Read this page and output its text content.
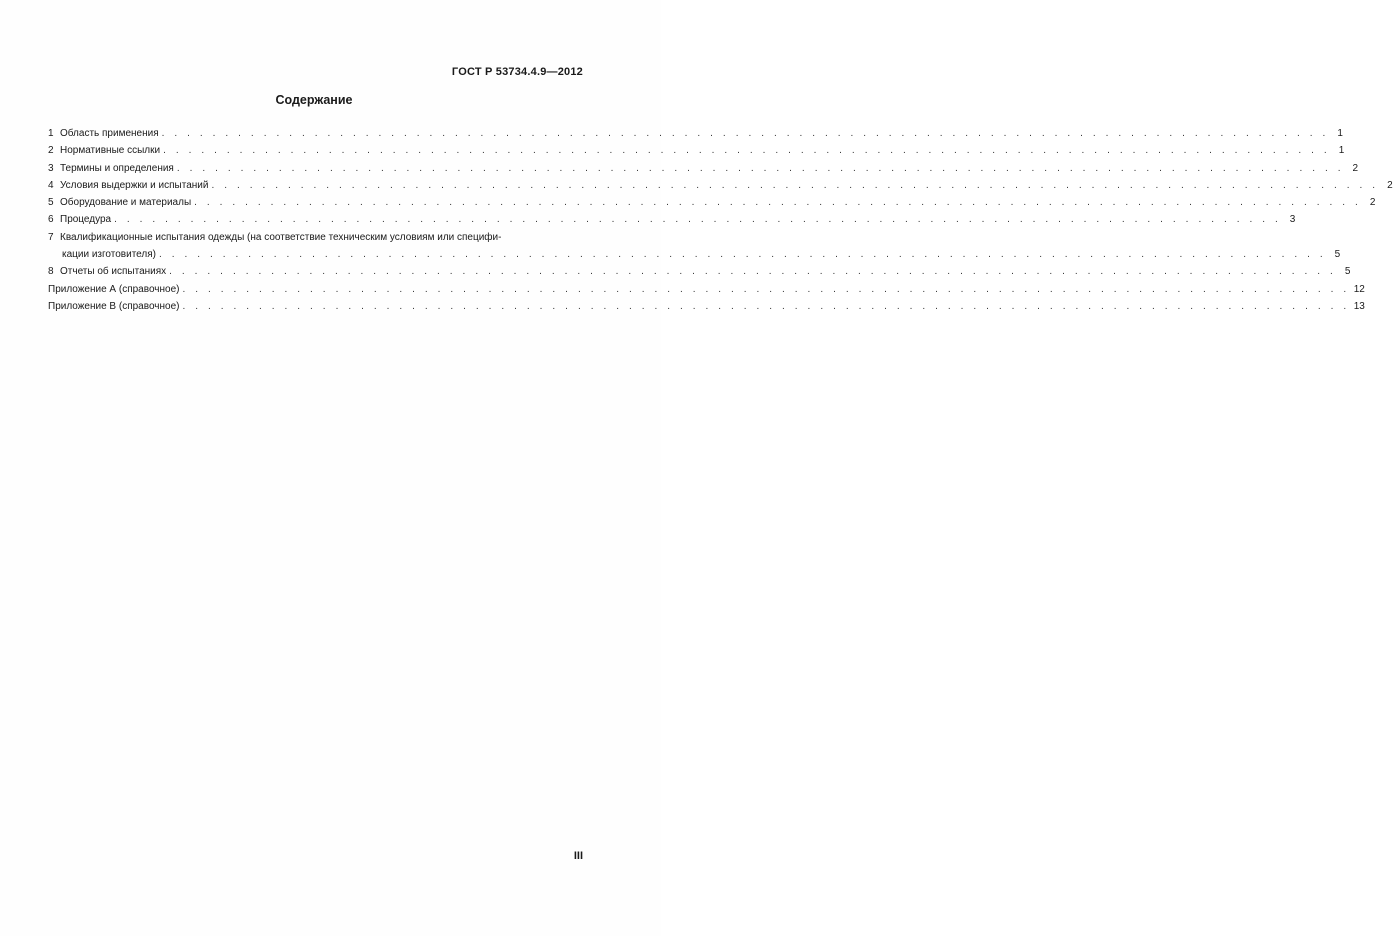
ГОСТ Р 53734.4.9—2012
Содержание
1 Область применения . . . . . . . . . . . . . . . . . . . . . . . . . . . . . . . . . . . . . . . . . . . . . . . . . . . . . . . . . . . . . . . . . . . . . . . . . . . . . . . . . . . . . . . . . . . . 1
2 Нормативные ссылки . . . . . . . . . . . . . . . . . . . . . . . . . . . . . . . . . . . . . . . . . . . . . . . . . . . . . . . . . . . . . . . . . . . . . . . . . . . . . . . . . . . . . . . . . . . . 1
3 Термины и определения . . . . . . . . . . . . . . . . . . . . . . . . . . . . . . . . . . . . . . . . . . . . . . . . . . . . . . . . . . . . . . . . . . . . . . . . . . . . . . . . . . . . . . . . . . . . 2
4 Условия выдержки и испытаний . . . . . . . . . . . . . . . . . . . . . . . . . . . . . . . . . . . . . . . . . . . . . . . . . . . . . . . . . . . . . . . . . . . . . . . . . . . . . . . . . . . . . . . . . . . . 2
5 Оборудование и материалы . . . . . . . . . . . . . . . . . . . . . . . . . . . . . . . . . . . . . . . . . . . . . . . . . . . . . . . . . . . . . . . . . . . . . . . . . . . . . . . . . . . . . . . . . . . . 2
6 Процедура . . . . . . . . . . . . . . . . . . . . . . . . . . . . . . . . . . . . . . . . . . . . . . . . . . . . . . . . . . . . . . . . . . . . . . . . . . . . . . . . . . . . . . . . . . . . 3
7 Квалификационные испытания одежды (на соответствие техническим условиям или специфи-
кации изготовителя) . . . . . . . . . . . . . . . . . . . . . . . . . . . . . . . . . . . . . . . . . . . . . . . . . . . . . . . . . . . . . . . . . . . . . . . . . . . . . . . . . . . . . . . . . . . . 5
8 Отчеты об испытаниях . . . . . . . . . . . . . . . . . . . . . . . . . . . . . . . . . . . . . . . . . . . . . . . . . . . . . . . . . . . . . . . . . . . . . . . . . . . . . . . . . . . . . . . . . . . . 5
Приложение А (справочное) . . . . . . . . . . . . . . . . . . . . . . . . . . . . . . . . . . . . . . . . . . . . . . . . . . . . . . . . . . . . . . . . . . . . . . . . . . . . . . . . . . . . . . . . . . . . 12
Приложение В (справочное) . . . . . . . . . . . . . . . . . . . . . . . . . . . . . . . . . . . . . . . . . . . . . . . . . . . . . . . . . . . . . . . . . . . . . . . . . . . . . . . . . . . . . . . . . . . . 13
III
